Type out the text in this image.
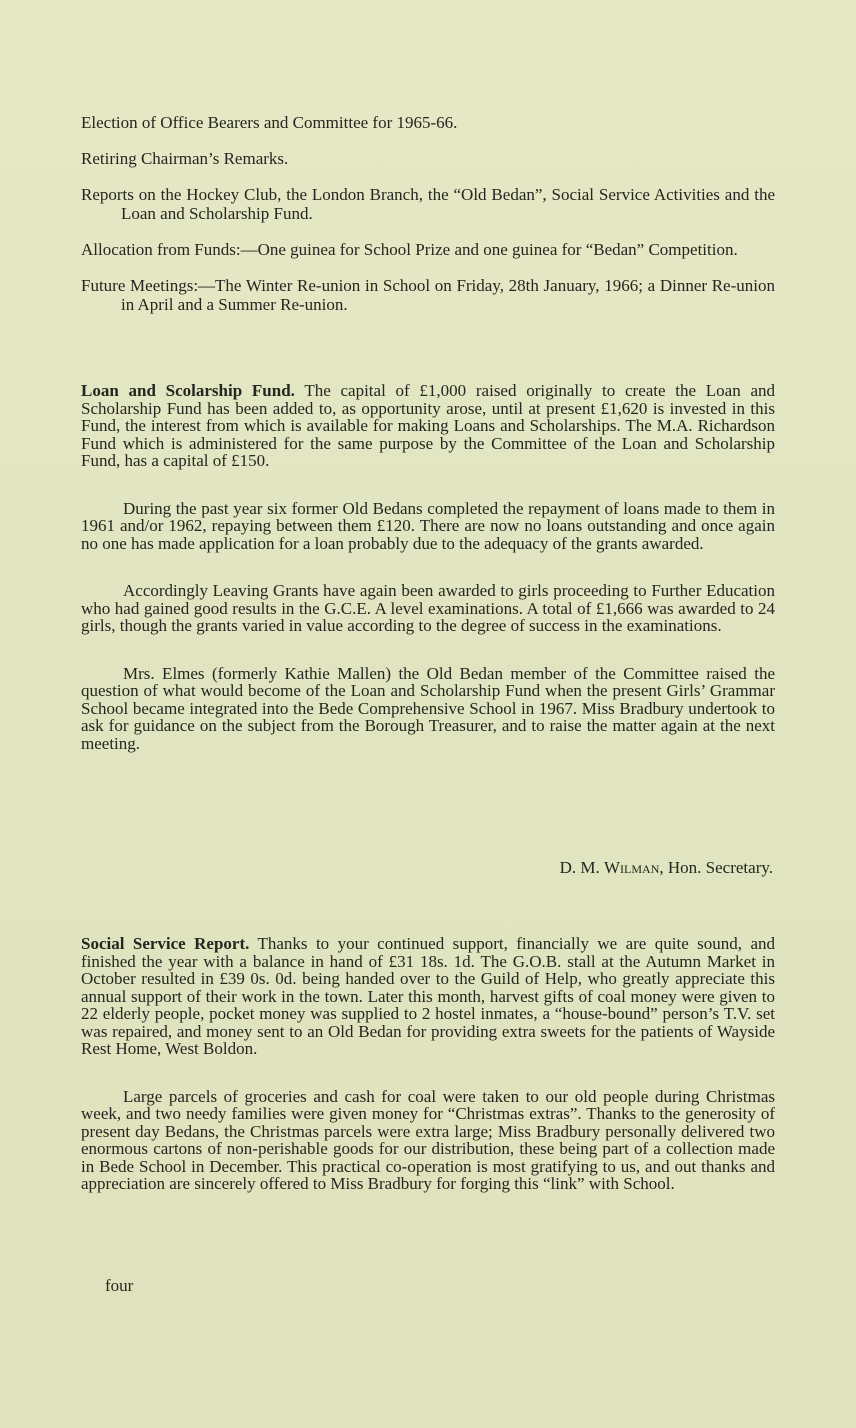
Election of Office Bearers and Committee for 1965-66.

Retiring Chairman’s Remarks.

Reports on the Hockey Club, the London Branch, the “Old Bedan”, Social Service Activities and the Loan and Scholarship Fund.

Allocation from Funds:—One guinea for School Prize and one guinea for “Bedan” Competition.

Future Meetings:—The Winter Re-union in School on Friday, 28th January, 1966; a Dinner Re-union in April and a Summer Re-union.

Loan and Scolarship Fund. The capital of £1,000 raised originally to create the Loan and Scholarship Fund has been added to, as opportunity arose, until at present £1,620 is invested in this Fund, the interest from which is available for making Loans and Scholarships. The M.A. Richardson Fund which is administered for the same purpose by the Committee of the Loan and Scholarship Fund, has a capital of £150.

During the past year six former Old Bedans completed the repayment of loans made to them in 1961 and/or 1962, repaying between them £120. There are now no loans outstanding and once again no one has made application for a loan probably due to the adequacy of the grants awarded.

Accordingly Leaving Grants have again been awarded to girls proceeding to Further Education who had gained good results in the G.C.E. A level examinations. A total of £1,666 was awarded to 24 girls, though the grants varied in value according to the degree of success in the examinations.

Mrs. Elmes (formerly Kathie Mallen) the Old Bedan member of the Committee raised the question of what would become of the Loan and Scholarship Fund when the present Girls’ Grammar School became integrated into the Bede Comprehensive School in 1967. Miss Bradbury undertook to ask for guidance on the subject from the Borough Treasurer, and to raise the matter again at the next meeting.

D. M. Wilman, Hon. Secretary.

Social Service Report. Thanks to your continued support, financially we are quite sound, and finished the year with a balance in hand of £31 18s. 1d. The G.O.B. stall at the Autumn Market in October resulted in £39 0s. 0d. being handed over to the Guild of Help, who greatly appreciate this annual support of their work in the town. Later this month, harvest gifts of coal money were given to 22 elderly people, pocket money was supplied to 2 hostel inmates, a “house-bound” person’s T.V. set was repaired, and money sent to an Old Bedan for providing extra sweets for the patients of Wayside Rest Home, West Boldon.

Large parcels of groceries and cash for coal were taken to our old people during Christmas week, and two needy families were given money for “Christmas extras”. Thanks to the generosity of present day Bedans, the Christmas parcels were extra large; Miss Bradbury personally delivered two enormous cartons of non-perishable goods for our distribution, these being part of a collection made in Bede School in December. This practical co-operation is most gratifying to us, and out thanks and appreciation are sincerely offered to Miss Bradbury for forging this “link” with School.

four
